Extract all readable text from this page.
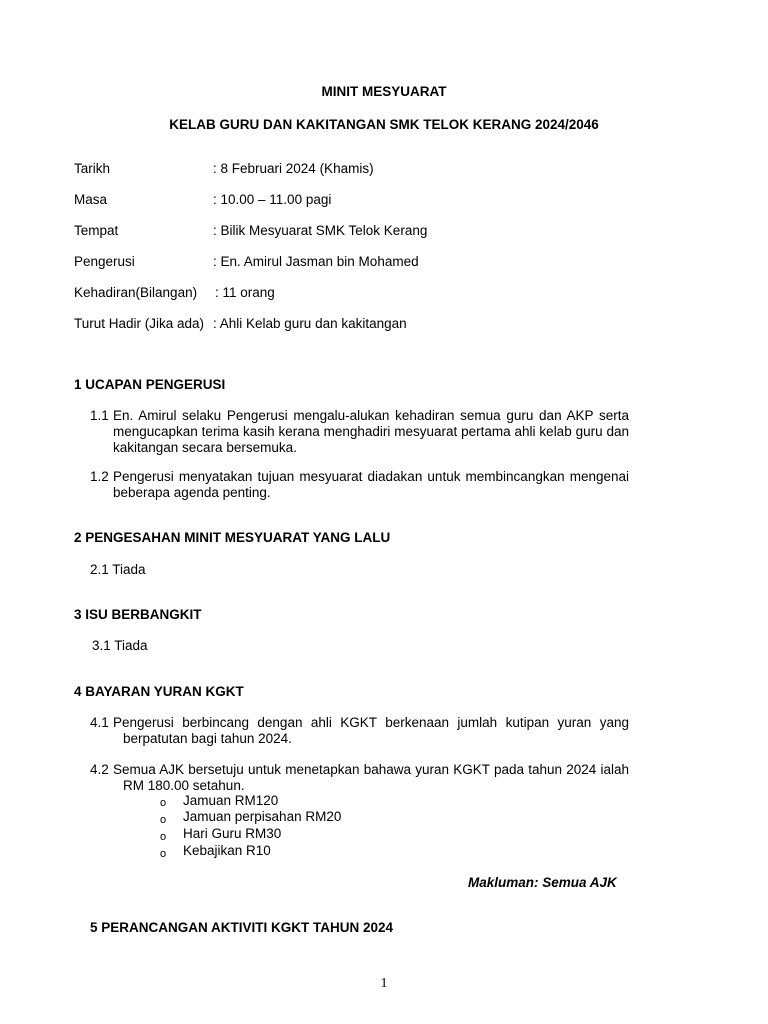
MINIT MESYUARAT
KELAB GURU DAN KAKITANGAN SMK TELOK KERANG 2024/2046
Tarikh	: 8 Februari 2024 (Khamis)
Masa	: 10.00 – 11.00 pagi
Tempat	: Bilik Mesyuarat SMK Telok Kerang
Pengerusi	: En. Amirul Jasman bin Mohamed
Kehadiran(Bilangan) : 11 orang
Turut Hadir (Jika ada) : Ahli Kelab guru dan kakitangan
1 UCAPAN PENGERUSI
1.1 En. Amirul selaku Pengerusi mengalu-alukan kehadiran semua guru dan AKP serta mengucapkan terima kasih kerana menghadiri mesyuarat pertama ahli kelab guru dan kakitangan secara bersemuka.
1.2 Pengerusi menyatakan tujuan mesyuarat diadakan untuk membincangkan mengenai beberapa agenda penting.
2 PENGESAHAN MINIT MESYUARAT YANG LALU
2.1 Tiada
3 ISU BERBANGKIT
3.1 Tiada
4 BAYARAN YURAN KGKT
4.1 Pengerusi berbincang dengan ahli KGKT berkenaan jumlah kutipan yuran yang berpatutan bagi tahun 2024.
4.2 Semua AJK bersetuju untuk menetapkan bahawa yuran KGKT pada tahun 2024 ialah RM 180.00 setahun.
o Jamuan RM120
o Jamuan perpisahan RM20
o Hari Guru RM30
o Kebajikan R10
Makluman: Semua AJK
5 PERANCANGAN AKTIVITI KGKT TAHUN 2024
1
